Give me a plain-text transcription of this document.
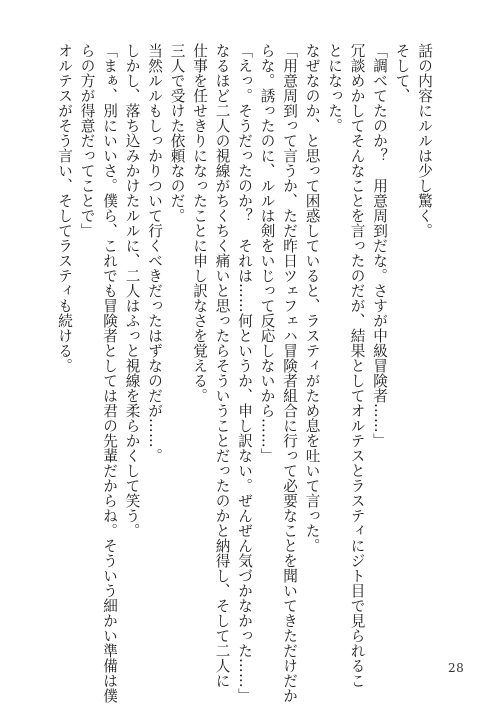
話の内容にルルは少し驚く。

そして、

「調べてたのか？　用意周到だな。さすが中級冒険者……」

冗談めかしてそんなことを言ったのだが、結果としてオルテスとラスティにジト目で見られるこ

とになった。

なぜなのか、と思って困惑していると、ラスティがため息を吐いて言った。

「用意周到って言うか、ただ昨日ツェフェハ冒険者組合に行って必要なことを聞いてきただけだか

らな。誘ったのに、ルルは剣をいじって反応しないから……」

「えっ。そうだったのか？　それは……何というか、申し訳ない。ぜんぜん気づかなかった……」

なるほど二人の視線がちくちく痛いと思ったらそういうことだったのかと納得し、そして二人に

仕事を任せきりになったことに申し訳なさを覚える。

三人で受けた依頼なのだ。

当然ルルもしっかりついて行くべきだったはずなのだが……。

しかし、落ち込みかけたルルに、二人はふっと視線を柔らかくして笑う。

「まぁ、別にいいさ。僕ら、これでも冒険者としては君の先輩だからね。そういう細かい準備は僕

らの方が得意だってことで」

オルテスがそう言い、そしてラスティも続ける。

28
